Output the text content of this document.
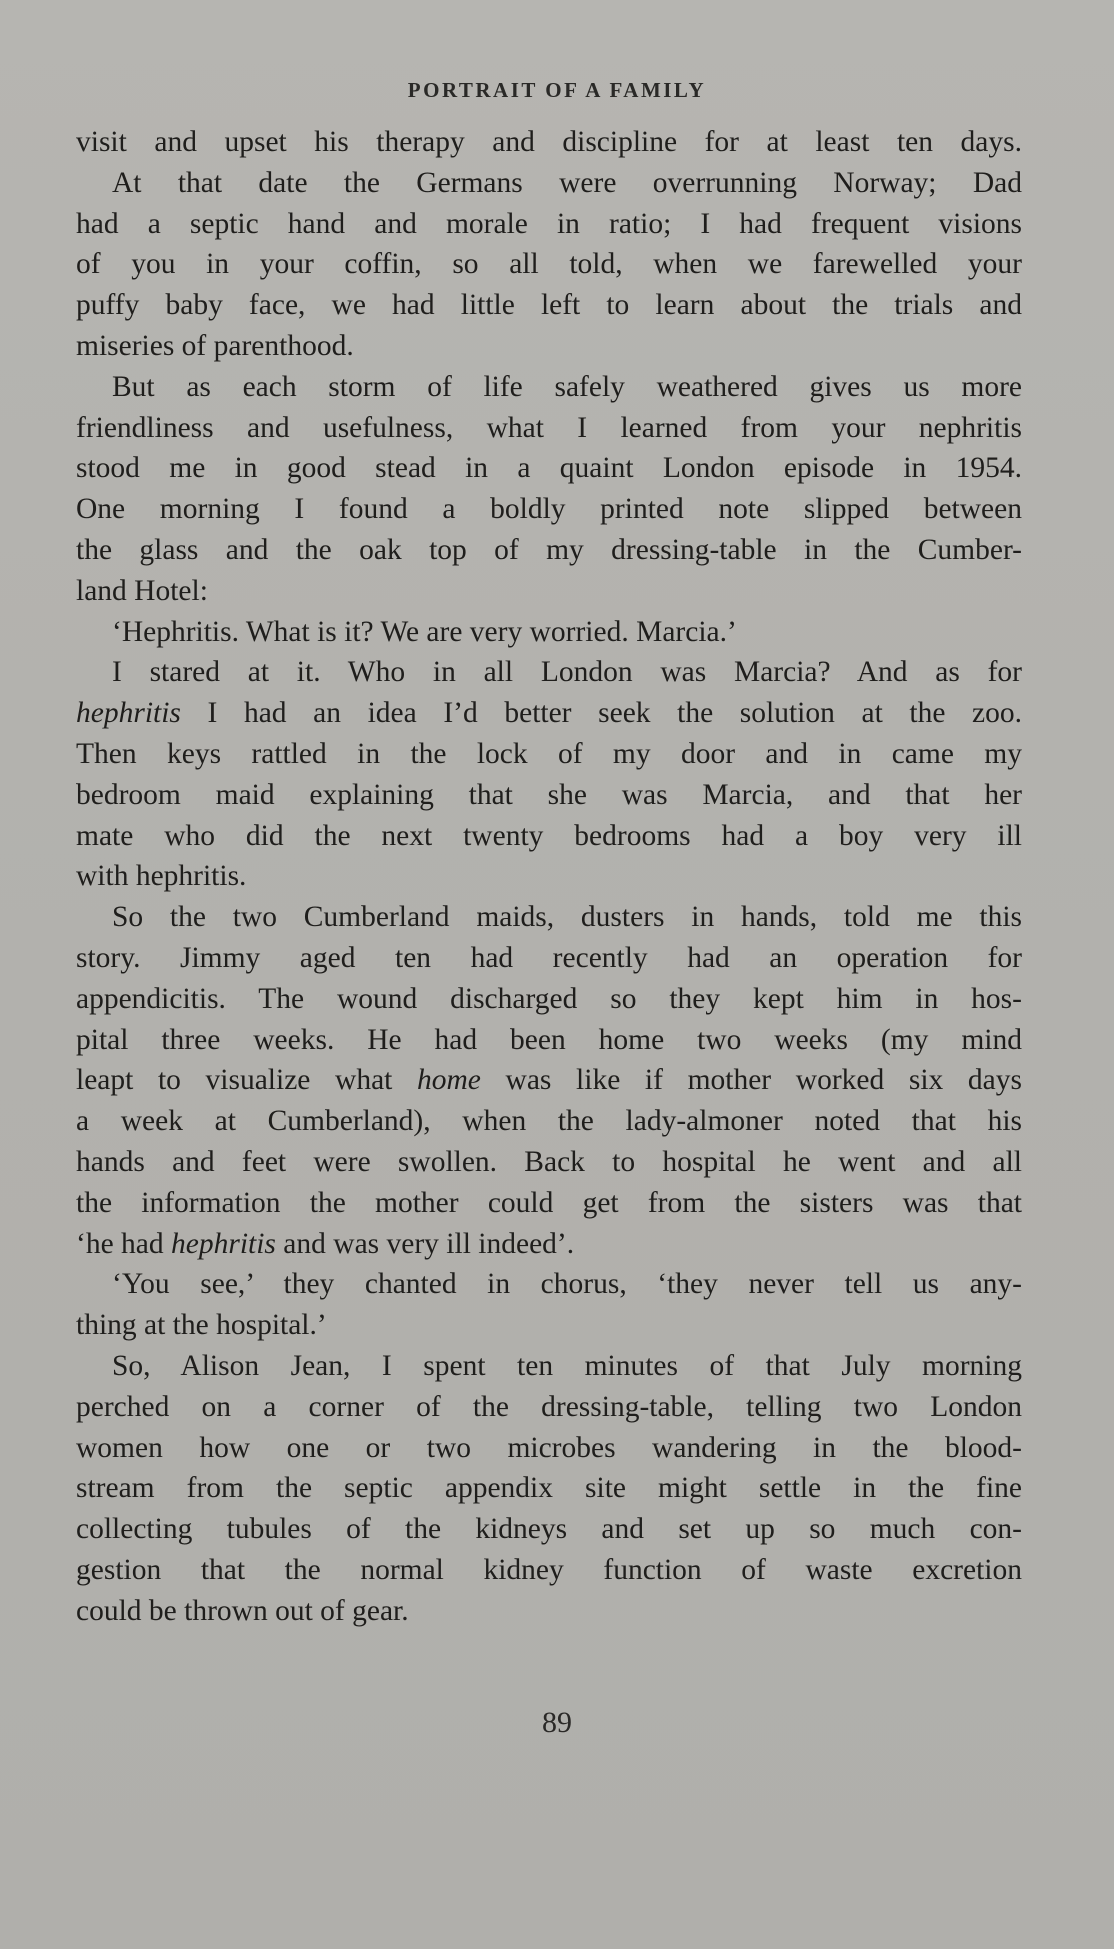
PORTRAIT OF A FAMILY
visit and upset his therapy and discipline for at least ten days.
At that date the Germans were overrunning Norway; Dad
had a septic hand and morale in ratio; I had frequent visions
of you in your coffin, so all told, when we farewelled your
puffy baby face, we had little left to learn about the trials and
miseries of parenthood.
But as each storm of life safely weathered gives us more
friendliness and usefulness, what I learned from your nephritis
stood me in good stead in a quaint London episode in 1954.
One morning I found a boldly printed note slipped between
the glass and the oak top of my dressing-table in the Cumber-
land Hotel:
‘Hephritis. What is it? We are very worried. Marcia.’
I stared at it. Who in all London was Marcia? And as for
hephritis I had an idea I’d better seek the solution at the zoo.
Then keys rattled in the lock of my door and in came my
bedroom maid explaining that she was Marcia, and that her
mate who did the next twenty bedrooms had a boy very ill
with hephritis.
So the two Cumberland maids, dusters in hands, told me this
story. Jimmy aged ten had recently had an operation for
appendicitis. The wound discharged so they kept him in hos-
pital three weeks. He had been home two weeks (my mind
leapt to visualize what home was like if mother worked six days
a week at Cumberland), when the lady-almoner noted that his
hands and feet were swollen. Back to hospital he went and all
the information the mother could get from the sisters was that
‘he had hephritis and was very ill indeed’.
‘You see,’ they chanted in chorus, ‘they never tell us any-
thing at the hospital.’
So, Alison Jean, I spent ten minutes of that July morning
perched on a corner of the dressing-table, telling two London
women how one or two microbes wandering in the blood-
stream from the septic appendix site might settle in the fine
collecting tubules of the kidneys and set up so much con-
gestion that the normal kidney function of waste excretion
could be thrown out of gear.
89
